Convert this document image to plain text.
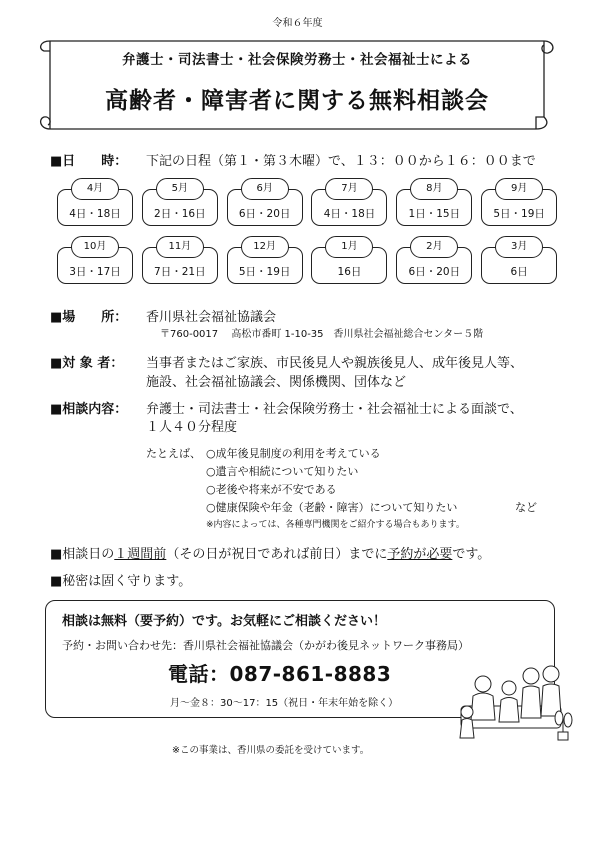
令和６年度
弁護士・司法書士・社会保険労務士・社会福祉士による
高齢者・障害者に関する無料相談会
■日　　時： 下記の日程（第１・第３木曜）で、１３：００から１６：００まで
4月
4日・18日
5月
2日・16日
6月
6日・20日
7月
4日・18日
8月
1日・15日
9月
5日・19日
10月
3日・17日
11月
7日・21日
12月
5日・19日
1月
16日
2月
6日・20日
3月
6日
■場　　所： 香川県社会福祉協議会
〒760-0017　 高松市番町 1-10-35　香川県社会福祉総合センター５階
■対 象 者： 当事者またはご家族、市民後見人や親族後見人、成年後見人等、
施設、社会福祉協議会、関係機関、団体など
■相談内容： 弁護士・司法書士・社会保険労務士・社会福祉士による面談で、
１人４０分程度
たとえば、 ○成年後見制度の利用を考えている
○遺言や相続について知りたい
○老後や将来が不安である
○健康保険や年金（老齢・障害）について知りたい	など
※内容によっては、各種専門機関をご紹介する場合もあります。
■相談日の１週間前（その日が祝日であれば前日）までに予約が必要です。
■秘密は固く守ります。
相談は無料（要予約）です。お気軽にご相談ください！
予約・お問い合わせ先：香川県社会福祉協議会（かがわ後見ネットワーク事務局）
電話：087-861-8883
月～金８：30～17：15（祝日・年末年始を除く）
※この事業は、香川県の委託を受けています。
